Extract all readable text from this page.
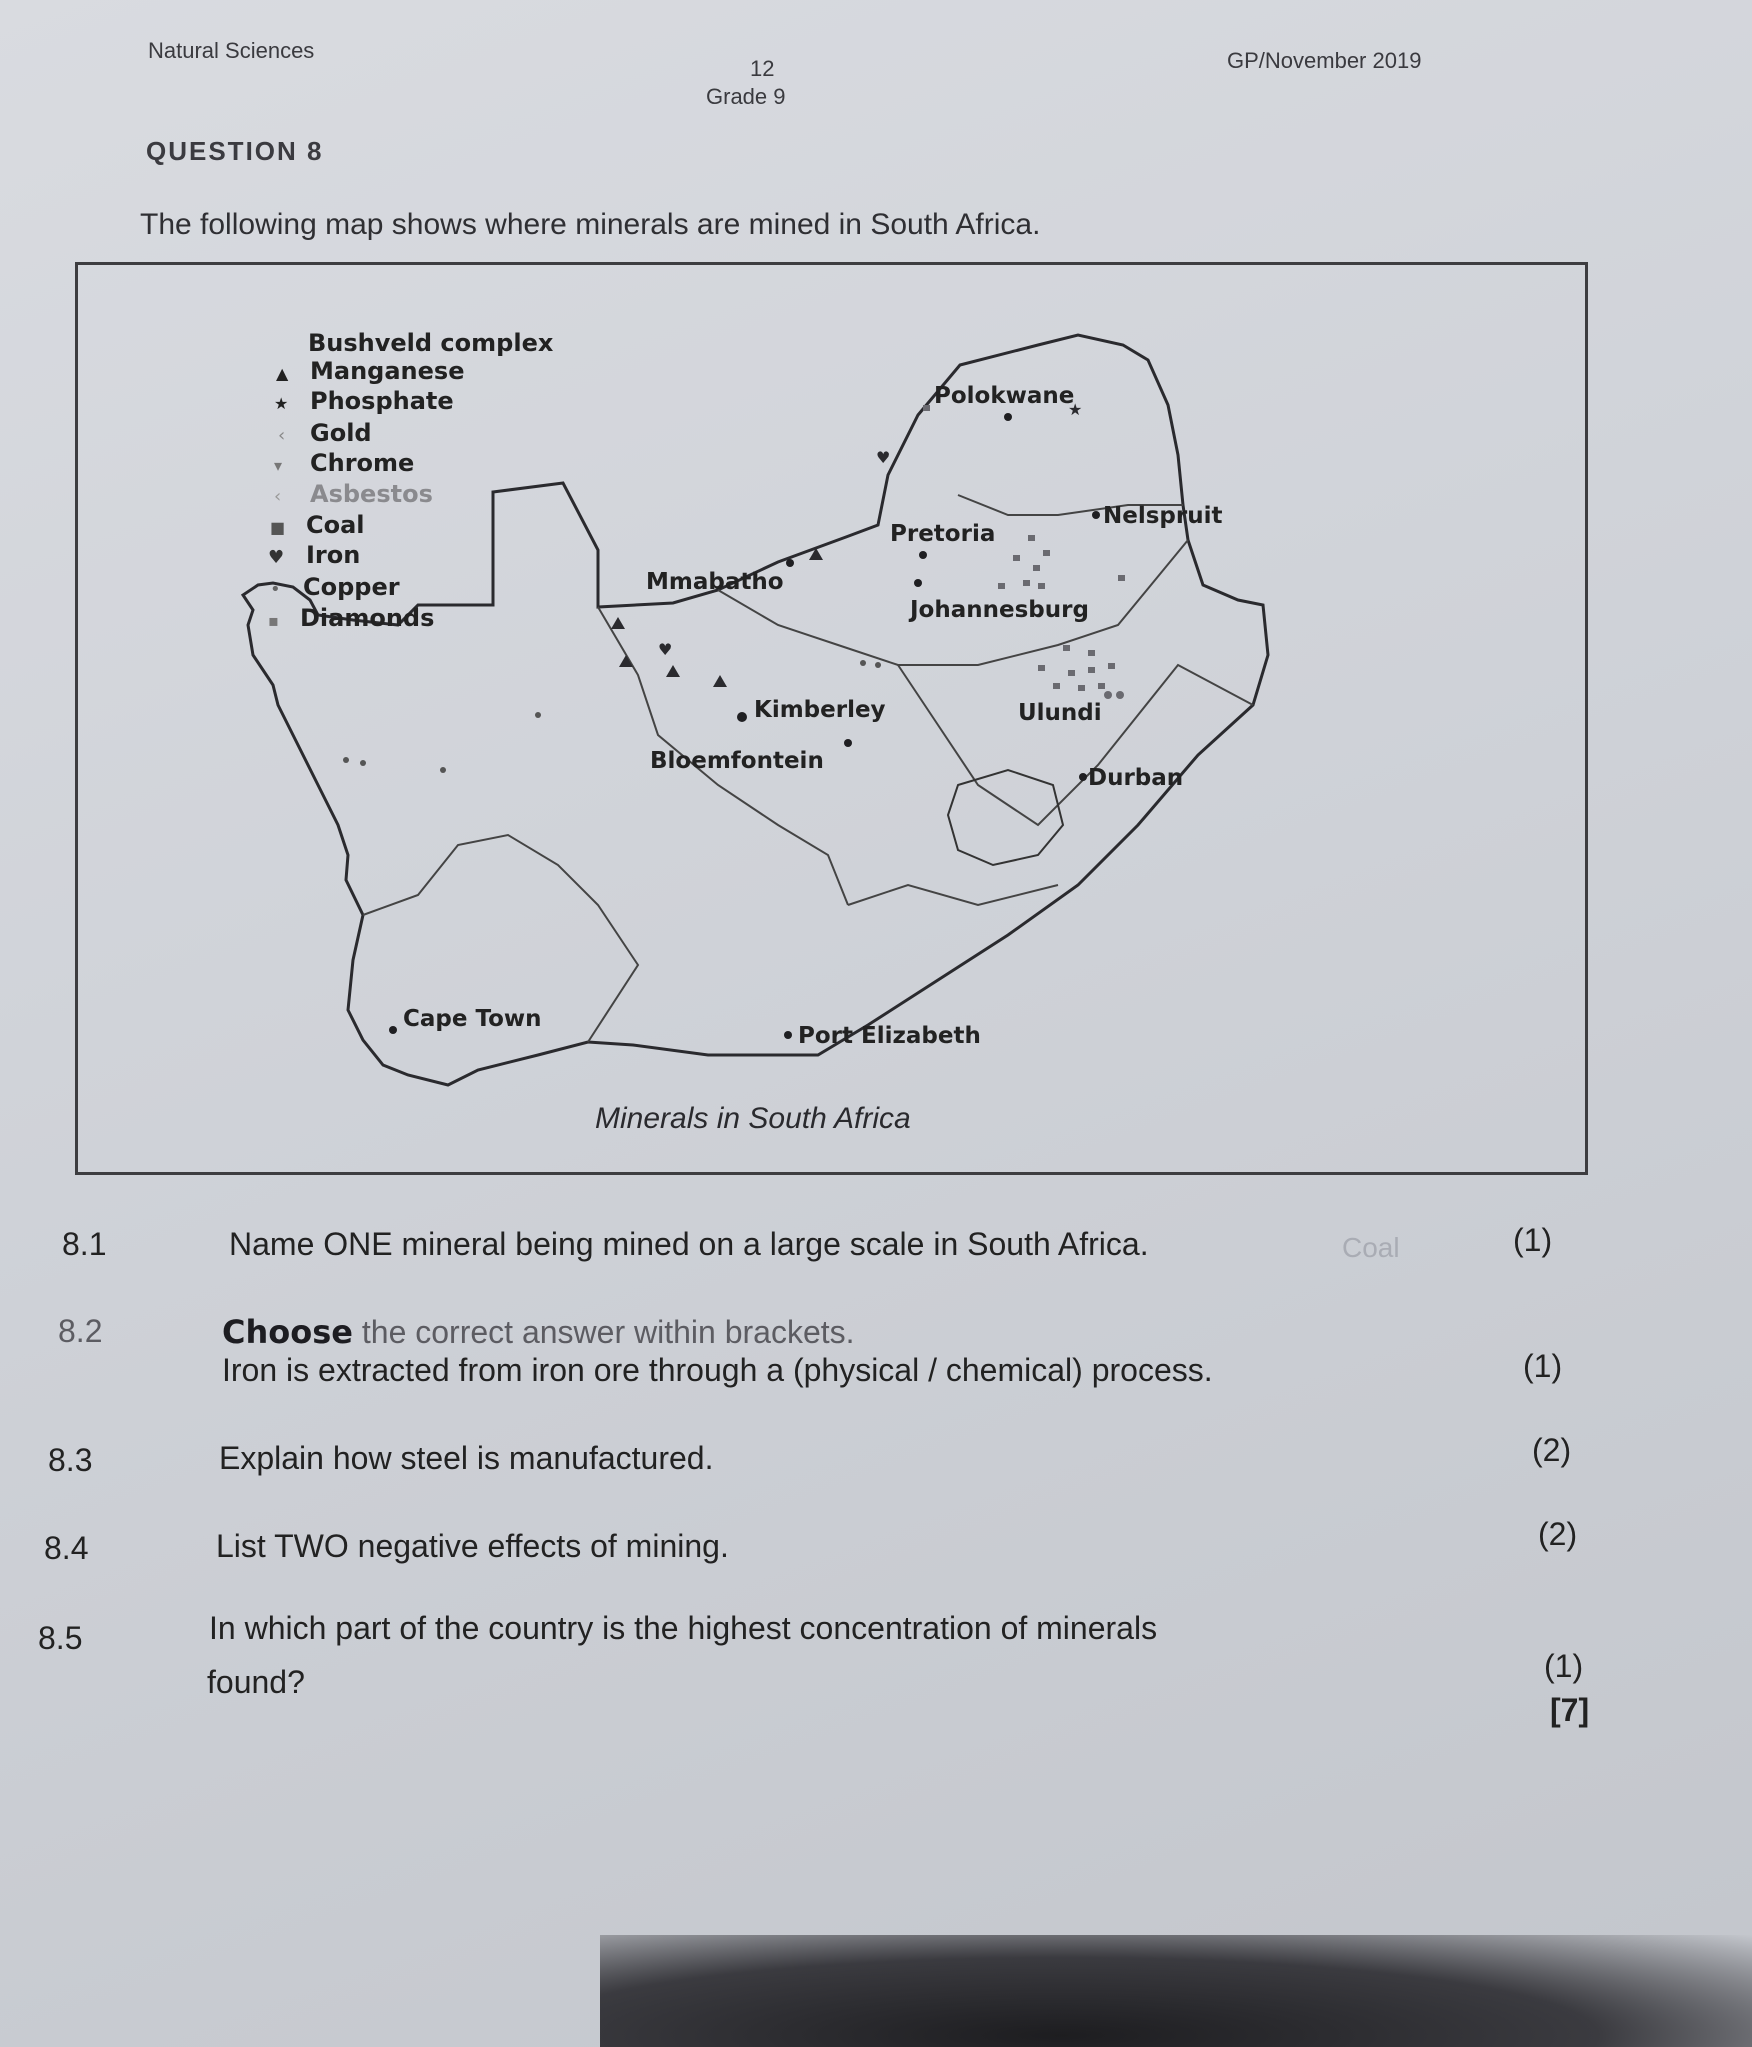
Natural Sciences
12	GP/November 2019
Grade 9
QUESTION 8
The following map shows where minerals are mined in South Africa.
Bushveld complex
Manganese
Phosphate
Gold
Chrome
Asbestos
Coal
Iron
Copper
Diamonds
▲
★
‹
▾
‹
■
♥
•
▪
Polokwane
Nelspruit
Pretoria
Mmabatho
Johannesburg
Kimberley	Ulundi
Bloemfontein
Durban
Cape Town
Port Elizabeth
♥
♥
★
Minerals in South Africa
8.1	Name ONE mineral being mined on a large scale in South Africa.	Coal	(1)
8.2	Choose the correct answer within brackets.
Iron is extracted from iron ore through a (physical / chemical) process.	(1)
8.3	Explain how steel is manufactured.	(2)
8.4	List TWO negative effects of mining.	(2)
8.5	In which part of the country is the highest concentration of minerals
found?	(1)
[7]
